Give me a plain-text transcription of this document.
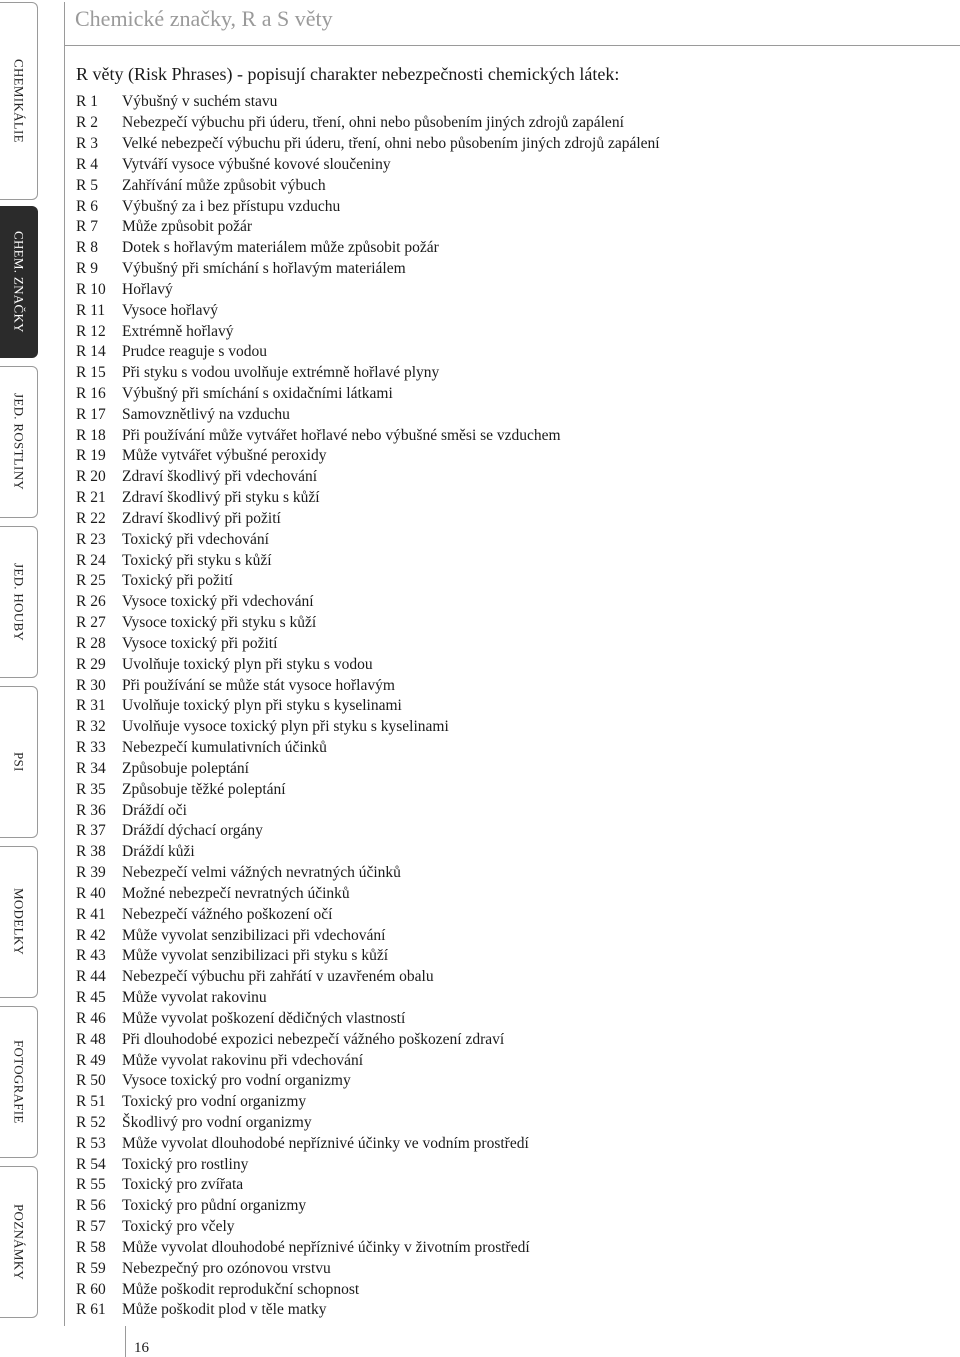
CHEMIKÁLIE
CHEM. ZNAČKY
JED. ROSTLINY
JED. HOUBY
PSI
MODELKY
FOTOGRAFIE
POZNÁMKY
Chemické značky, R a S věty
R věty (Risk Phrases) - popisují charakter nebezpečnosti chemických látek:
R 1	Výbušný v suchém stavu
R 2	Nebezpečí výbuchu při úderu, tření, ohni nebo působením jiných zdrojů zapálení
R 3	Velké nebezpečí výbuchu při úderu, tření, ohni nebo působením jiných zdrojů zapálení
R 4	Vytváří vysoce výbušné kovové sloučeniny
R 5	Zahřívání může způsobit výbuch
R 6	Výbušný za i bez přístupu vzduchu
R 7	Může způsobit požár
R 8	Dotek s hořlavým materiálem může způsobit požár
R 9	Výbušný při smíchání s hořlavým materiálem
R 10	Hořlavý
R 11	Vysoce hořlavý
R 12	Extrémně hořlavý
R 14	Prudce reaguje s vodou
R 15	Při styku s vodou uvolňuje extrémně hořlavé plyny
R 16	Výbušný při smíchání s oxidačními látkami
R 17	Samovznětlivý na vzduchu
R 18	Při používání může vytvářet hořlavé nebo výbušné směsi se vzduchem
R 19	Může vytvářet výbušné peroxidy
R 20	Zdraví škodlivý při vdechování
R 21	Zdraví škodlivý při styku s kůží
R 22	Zdraví škodlivý při požití
R 23	Toxický při vdechování
R 24	Toxický při styku s kůží
R 25	Toxický při požití
R 26	Vysoce toxický při vdechování
R 27	Vysoce toxický při styku s kůží
R 28	Vysoce toxický při požití
R 29	Uvolňuje toxický plyn při styku s vodou
R 30	Při používání se může stát vysoce hořlavým
R 31	Uvolňuje toxický plyn při styku s kyselinami
R 32	Uvolňuje vysoce toxický plyn při styku s kyselinami
R 33	Nebezpečí kumulativních účinků
R 34	Způsobuje poleptání
R 35	Způsobuje těžké poleptání
R 36	Dráždí oči
R 37	Dráždí dýchací orgány
R 38	Dráždí kůži
R 39	Nebezpečí velmi vážných nevratných účinků
R 40	Možné nebezpečí nevratných účinků
R 41	Nebezpečí vážného poškození očí
R 42	Může vyvolat senzibilizaci při vdechování
R 43	Může vyvolat senzibilizaci při styku s kůží
R 44	Nebezpečí výbuchu při zahřátí v uzavřeném obalu
R 45	Může vyvolat rakovinu
R 46	Může vyvolat poškození dědičných vlastností
R 48	Při dlouhodobé expozici nebezpečí vážného poškození zdraví
R 49	Může vyvolat rakovinu při vdechování
R 50	Vysoce toxický pro vodní organizmy
R 51	Toxický pro vodní organizmy
R 52	Škodlivý pro vodní organizmy
R 53	Může vyvolat dlouhodobé nepříznivé účinky ve vodním prostředí
R 54	Toxický pro rostliny
R 55	Toxický pro zvířata
R 56	Toxický pro půdní organizmy
R 57	Toxický pro včely
R 58	Může vyvolat dlouhodobé nepříznivé účinky v životním prostředí
R 59	Nebezpečný pro ozónovou vrstvu
R 60	Může poškodit reprodukční schopnost
R 61	Může poškodit plod v těle matky
16
